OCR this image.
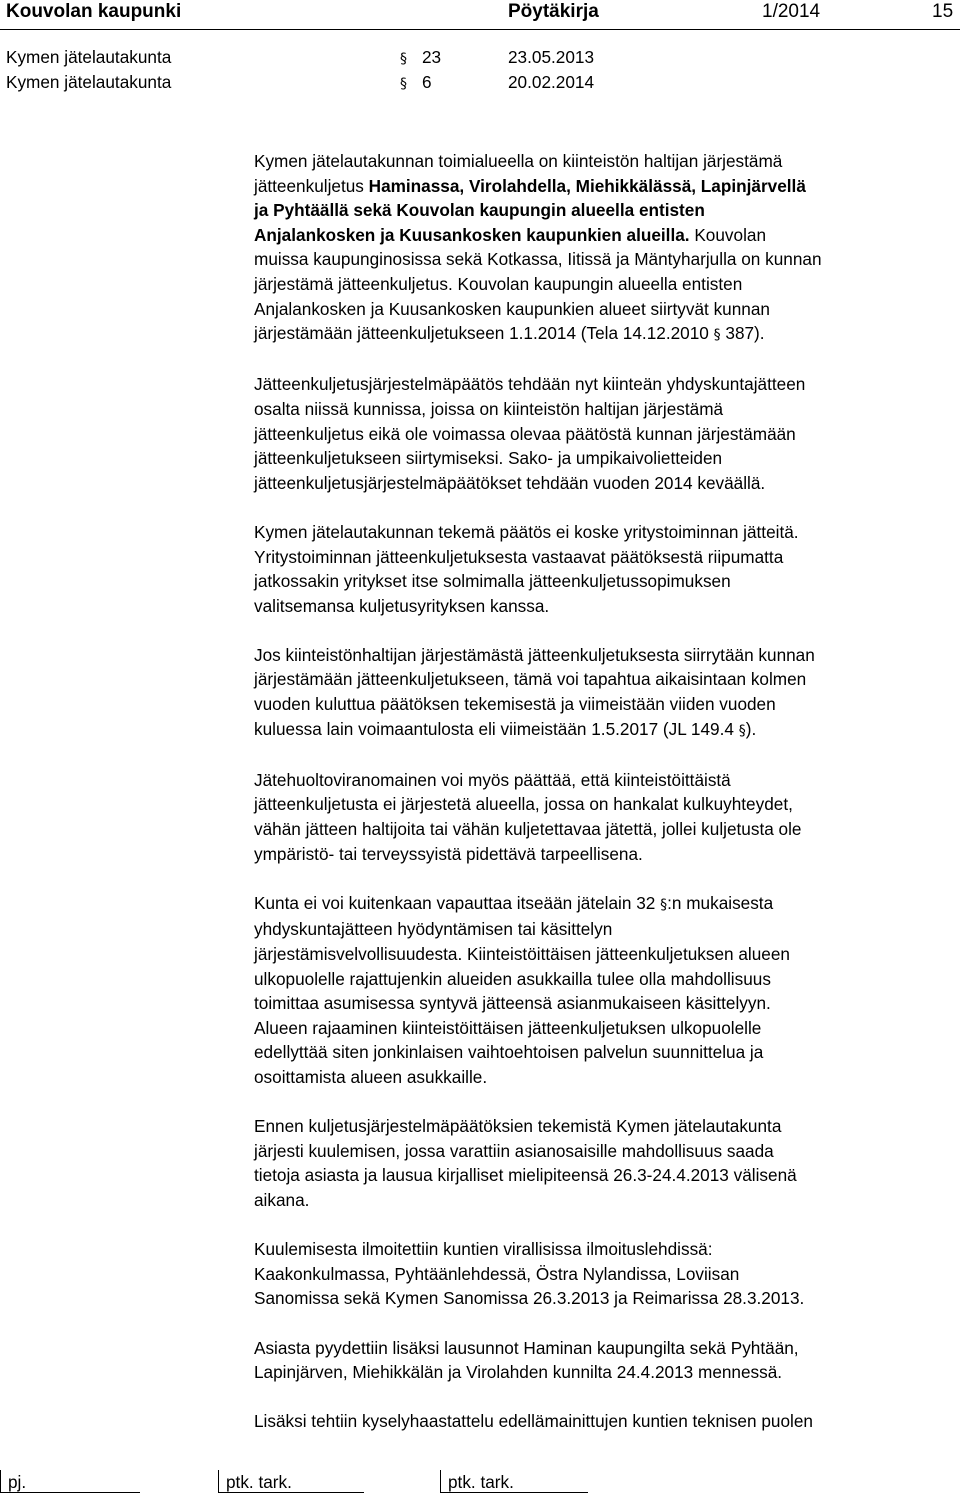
Kouvolan kaupunki	Pöytäkirja	1/2014	15
Kymen jätelautakunta	§ 23	23.05.2013
Kymen jätelautakunta	§ 6	20.02.2014

Kymen jätelautakunnan toimialueella on kiinteistön haltijan järjestämä
jätteenkuljetus Haminassa, Virolahdella, Miehikkälässä, Lapinjärvellä
ja Pyhtäällä sekä Kouvolan kaupungin alueella entisten
Anjalankosken ja Kuusankosken kaupunkien alueilla. Kouvolan
muissa kaupunginosissa sekä Kotkassa, Iitissä ja Mäntyharjulla on kunnan
järjestämä jätteenkuljetus. Kouvolan kaupungin alueella entisten
Anjalankosken ja Kuusankosken kaupunkien alueet siirtyvät kunnan
järjestämään jätteenkuljetukseen 1.1.2014 (Tela 14.12.2010 § 387).

Jätteenkuljetusjärjestelmäpäätös tehdään nyt kiinteän yhdyskuntajätteen
osalta niissä kunnissa, joissa on kiinteistön haltijan järjestämä
jätteenkuljetus eikä ole voimassa olevaa päätöstä kunnan järjestämään
jätteenkuljetukseen siirtymiseksi. Sako- ja umpikaivolietteiden
jätteenkuljetusjärjestelmäpäätökset tehdään vuoden 2014 keväällä.

Kymen jätelautakunnan tekemä päätös ei koske yritystoiminnan jätteitä.
Yritystoiminnan jätteenkuljetuksesta vastaavat päätöksestä riipumatta
jatkossakin yritykset itse solmimalla jätteenkuljetussopimuksen
valitsemansa kuljetusyrityksen kanssa.

Jos kiinteistönhaltijan järjestämästä jätteenkuljetuksesta siirrytään kunnan
järjestämään jätteenkuljetukseen, tämä voi tapahtua aikaisintaan kolmen
vuoden kuluttua päätöksen tekemisestä ja viimeistään viiden vuoden
kuluessa lain voimaantulosta eli viimeistään 1.5.2017 (JL 149.4 §).

Jätehuoltoviranomainen voi myös päättää, että kiinteistöittäistä
jätteenkuljetusta ei järjestetä alueella, jossa on hankalat kulkuyhteydet,
vähän jätteen haltijoita tai vähän kuljetettavaa jätettä, jollei kuljetusta ole
ympäristö- tai terveyssyistä pidettävä tarpeellisena.

Kunta ei voi kuitenkaan vapauttaa itseään jätelain 32 §:n mukaisesta
yhdyskuntajätteen hyödyntämisen tai käsittelyn
järjestämisvelvollisuudesta. Kiinteistöittäisen jätteenkuljetuksen alueen
ulkopuolelle rajattujenkin alueiden asukkailla tulee olla mahdollisuus
toimittaa asumisessa syntyvä jätteensä asianmukaiseen käsittelyyn.
Alueen rajaaminen kiinteistöittäisen jätteenkuljetuksen ulkopuolelle
edellyttää siten jonkinlaisen vaihtoehtoisen palvelun suunnittelua ja
osoittamista alueen asukkaille.

Ennen kuljetusjärjestelmäpäätöksien tekemistä Kymen jätelautakunta
järjesti kuulemisen, jossa varattiin asianosaisille mahdollisuus saada
tietoja asiasta ja lausua kirjalliset mielipiteensä 26.3-24.4.2013 välisenä
aikana.

Kuulemisesta ilmoitettiin kuntien virallisissa ilmoituslehdissä:
Kaakonkulmassa, Pyhtäänlehdessä, Östra Nylandissa, Loviisan
Sanomissa sekä Kymen Sanomissa 26.3.2013 ja Reimarissa 28.3.2013.

Asiasta pyydettiin lisäksi lausunnot Haminan kaupungilta sekä Pyhtään,
Lapinjärven, Miehikkälän ja Virolahden kunnilta 24.4.2013 mennessä.

Lisäksi tehtiin kyselyhaastattelu edellämainittujen kuntien teknisen puolen

pj.	ptk. tark.	ptk. tark.
